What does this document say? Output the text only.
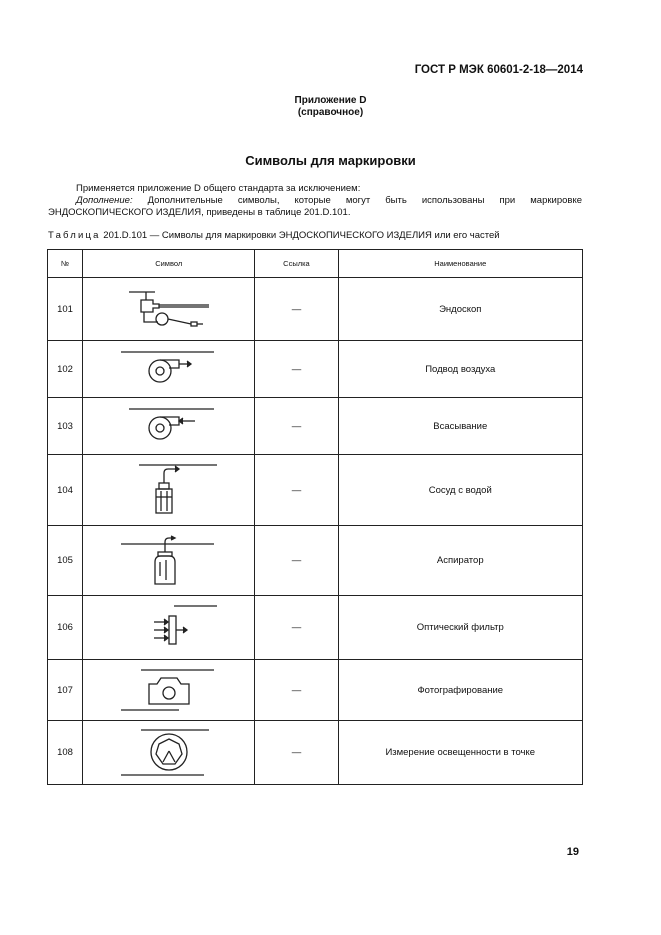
ГОСТ Р МЭК 60601-2-18—2014
Приложение D
(справочное)
Символы для маркировки
Применяется приложение D общего стандарта за исключением:
Дополнение: Дополнительные символы, которые могут быть использованы при маркировке
ЭНДОСКОПИЧЕСКОГО ИЗДЕЛИЯ, приведены в таблице 201.D.101.
Таблица 201.D.101 — Символы для маркировки ЭНДОСКОПИЧЕСКОГО ИЗДЕЛИЯ или его частей
№	Символ	Ссылка	Наименование
101		—	Эндоскоп
102		—	Подвод воздуха
103		—	Всасывание
104		—	Сосуд с водой
105		—	Аспиратор
106		—	Оптический фильтр
107		—	Фотографирование
108		—	Измерение освещенности в точке
19
